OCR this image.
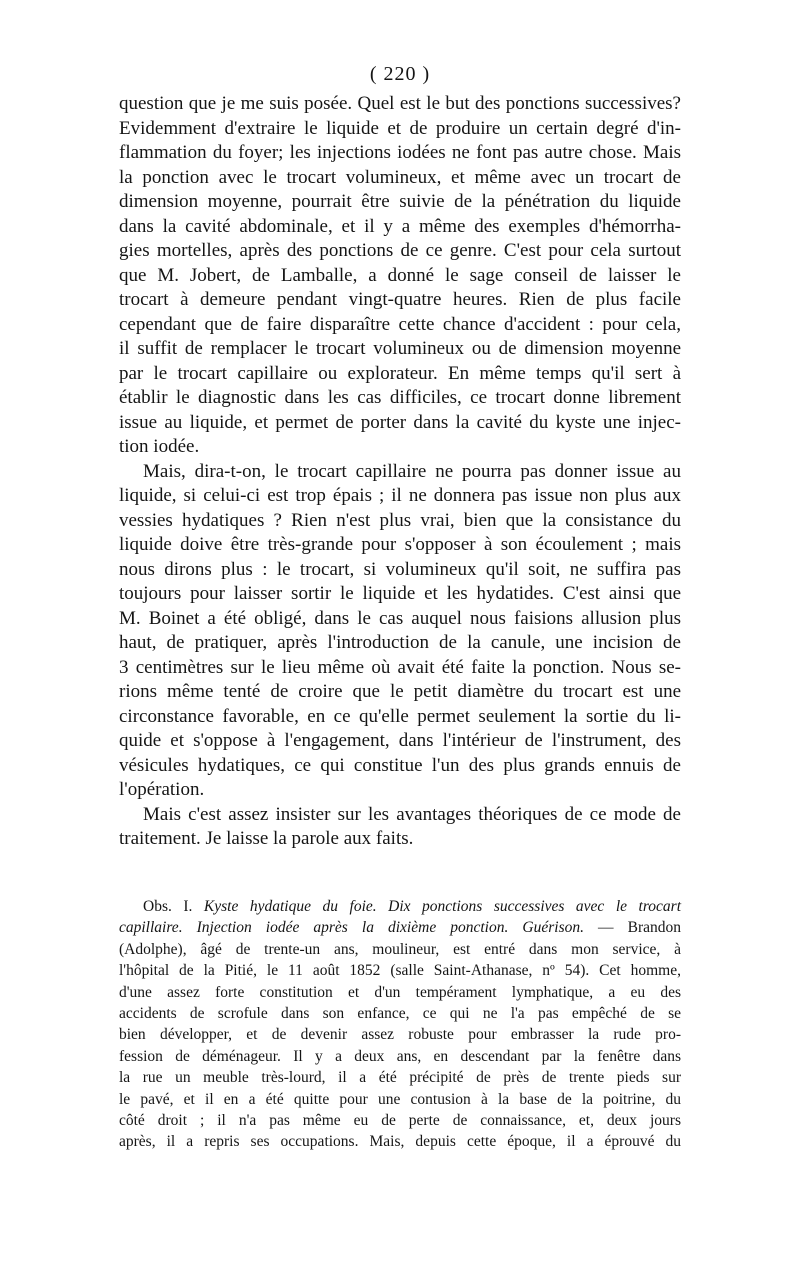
( 220 )
question que je me suis posée. Quel est le but des ponctions successives?
Evidemment d'extraire le liquide et de produire un certain degré d'in-
flammation du foyer; les injections iodées ne font pas autre chose. Mais
la ponction avec le trocart volumineux, et même avec un trocart de
dimension moyenne, pourrait être suivie de la pénétration du liquide
dans la cavité abdominale, et il y a même des exemples d'hémorrha-
gies mortelles, après des ponctions de ce genre. C'est pour cela surtout
que M. Jobert, de Lamballe, a donné le sage conseil de laisser le
trocart à demeure pendant vingt-quatre heures. Rien de plus facile
cependant que de faire disparaître cette chance d'accident : pour cela,
il suffit de remplacer le trocart volumineux ou de dimension moyenne
par le trocart capillaire ou explorateur. En même temps qu'il sert à
établir le diagnostic dans les cas difficiles, ce trocart donne librement
issue au liquide, et permet de porter dans la cavité du kyste une injec-
tion iodée.
Mais, dira-t-on, le trocart capillaire ne pourra pas donner issue au
liquide, si celui-ci est trop épais ; il ne donnera pas issue non plus aux
vessies hydatiques ? Rien n'est plus vrai, bien que la consistance du
liquide doive être très-grande pour s'opposer à son écoulement ; mais
nous dirons plus : le trocart, si volumineux qu'il soit, ne suffira pas
toujours pour laisser sortir le liquide et les hydatides. C'est ainsi que
M. Boinet a été obligé, dans le cas auquel nous faisions allusion plus
haut, de pratiquer, après l'introduction de la canule, une incision de
3 centimètres sur le lieu même où avait été faite la ponction. Nous se-
rions même tenté de croire que le petit diamètre du trocart est une
circonstance favorable, en ce qu'elle permet seulement la sortie du li-
quide et s'oppose à l'engagement, dans l'intérieur de l'instrument, des
vésicules hydatiques, ce qui constitue l'un des plus grands ennuis de
l'opération.
Mais c'est assez insister sur les avantages théoriques de ce mode de
traitement. Je laisse la parole aux faits.
Obs. I. Kyste hydatique du foie. Dix ponctions successives avec le trocart
capillaire. Injection iodée après la dixième ponction. Guérison. — Brandon
(Adolphe), âgé de trente-un ans, moulineur, est entré dans mon service, à
l'hôpital de la Pitié, le 11 août 1852 (salle Saint-Athanase, nº 54). Cet homme,
d'une assez forte constitution et d'un tempérament lymphatique, a eu des
accidents de scrofule dans son enfance, ce qui ne l'a pas empêché de se
bien développer, et de devenir assez robuste pour embrasser la rude pro-
fession de déménageur. Il y a deux ans, en descendant par la fenêtre dans
la rue un meuble très-lourd, il a été précipité de près de trente pieds sur
le pavé, et il en a été quitte pour une contusion à la base de la poitrine, du
côté droit ; il n'a pas même eu de perte de connaissance, et, deux jours
après, il a repris ses occupations. Mais, depuis cette époque, il a éprouvé du
